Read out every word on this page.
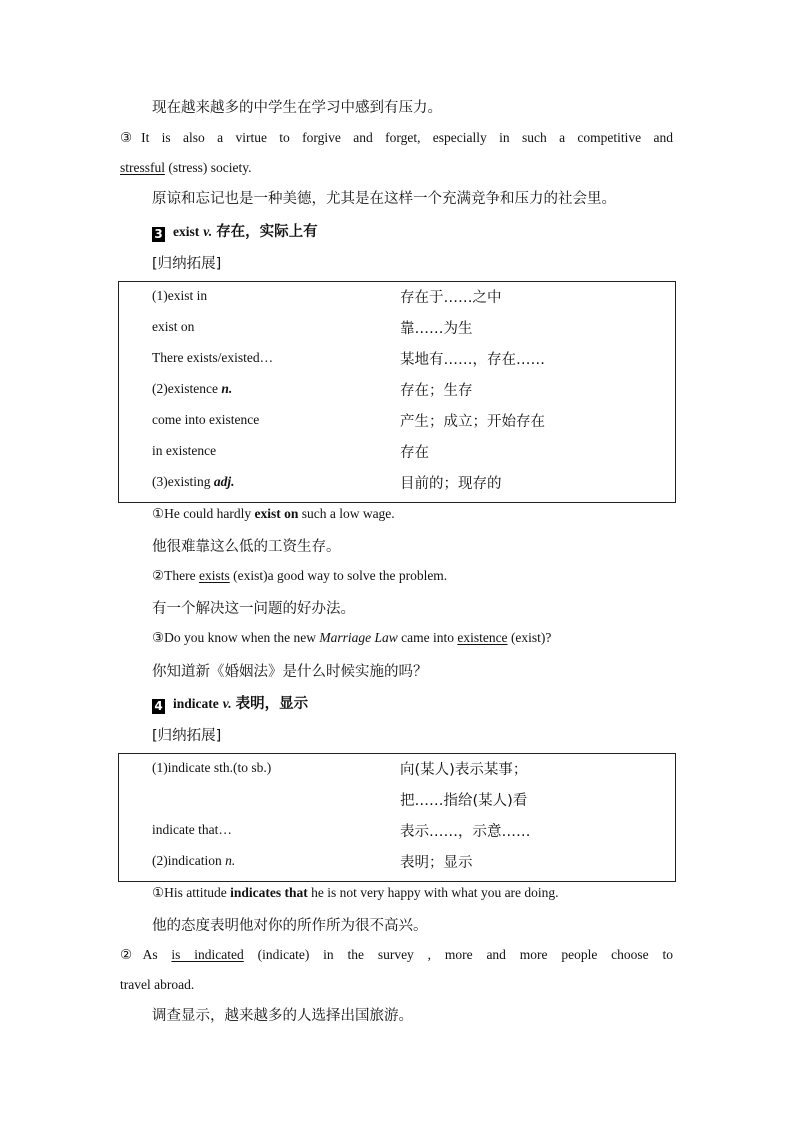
现在越来越多的中学生在学习中感到有压力。
③It is also a virtue to forgive and forget, especially in such a competitive and
stressful (stress) society.
原谅和忘记也是一种美德，尤其是在这样一个充满竞争和压力的社会里。
3 exist v. 存在，实际上有
[归纳拓展]
(1)exist in	存在于……之中
exist on	靠……为生
There exists/existed…	某地有……，存在……
(2)existence n.	存在；生存
come into existence	产生；成立；开始存在
in existence	存在
(3)existing adj.	目前的；现存的
①He could hardly exist on such a low wage.
他很难靠这么低的工资生存。
②There exists (exist)a good way to solve the problem.
有一个解决这一问题的好办法。
③Do you know when the new Marriage Law came into existence (exist)?
你知道新《婚姻法》是什么时候实施的吗？
4 indicate v. 表明，显示
[归纳拓展]
(1)indicate sth.(to sb.)	向(某人)表示某事；
把……指给(某人)看
indicate that…	表示……，示意……
(2)indication n.	表明；显示
①His attitude indicates that he is not very happy with what you are doing.
他的态度表明他对你的所作所为很不高兴。
②As is indicated (indicate) in the survey , more and more people choose to
travel abroad.
调查显示，越来越多的人选择出国旅游。
